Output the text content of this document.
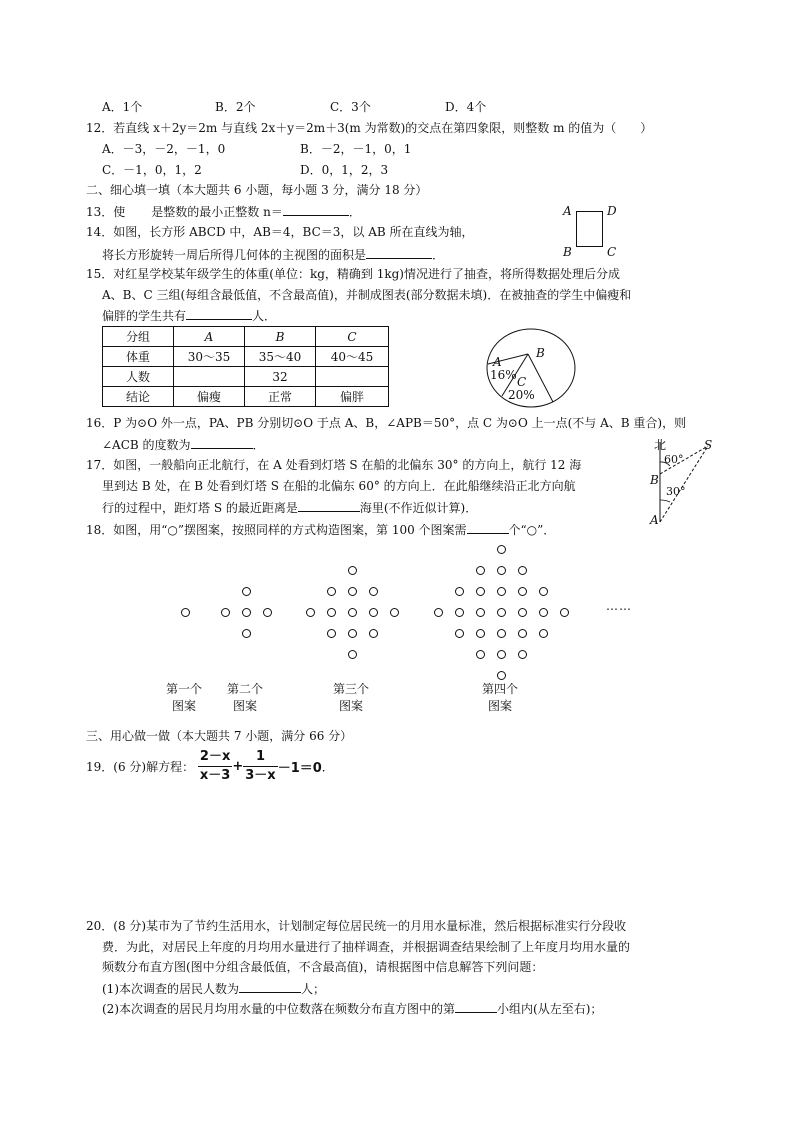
A．1个	B．2个	C．3个	D．4个
12．若直线 x＋2y＝2m 与直线 2x＋y＝2m＋3(m 为常数)的交点在第四象限，则整数 m 的值为（　　）
A．－3，－2，－1，0	B．－2，－1，0，1
C．－1，0，1，2	D．0，1，2，3
二、细心填一填（本大题共 6 小题，每小题 3 分，满分 18 分）
13．使 是整数的最小正整数 n＝	．	A	D
B	C
14．如图，长方形 ABCD 中，AB＝4，BC＝3，以 AB 所在直线为轴，
将长方形旋转一周后所得几何体的主视图的面积是	．
15．对红星学校某年级学生的体重(单位：kg，精确到 1kg)情况进行了抽查，将所得数据处理后分成
A、B、C 三组(每组含最低值，不含最高值)，并制成图表(部分数据未填)．在被抽查的学生中偏瘦和
偏胖的学生共有	人．
分组	A	B	C
体重	30～35	35～40	40～45
人数		32	
结论	偏瘦	正常	偏胖
B
A
16% C
20%
16．P 为⊙O 外一点，PA、PB 分别切⊙O 于点 A、B，∠APB＝50°，点 C 为⊙O 上一点(不与 A、B 重合)，则
∠ACB 的度数为	．
17．如图，一般船向正北航行，在 A 处看到灯塔 S 在船的北偏东 30° 的方向上，航行 12 海
里到达 B 处，在 B 处看到灯塔 S 在船的北偏东 60° 的方向上．在此船继续沿正北方向航
行的过程中，距灯塔 S 的最近距离是	海里(不作近似计算)．
北	S
60°
B
30°
A
18．如图，用“○”摆图案，按照同样的方式构造图案，第 100 个图案需	个“○”．
……
第一个
图案
第二个
图案
第三个
图案
第四个
图案
三、用心做一做（本大题共 7 小题，满分 66 分）
19．(6 分)解方程： $\frac{2-x}{x-3} + \frac{1}{3-x} -1=0$．
20．(8 分)某市为了节约生活用水，计划制定每位居民统一的月用水量标准，然后根据标准实行分段收
费．为此，对居民上年度的月均用水量进行了抽样调查，并根据调查结果绘制了上年度月均用水量的
频数分布直方图(图中分组含最低值，不含最高值)，请根据图中信息解答下列问题：
(1)本次调查的居民人数为	人；
(2)本次调查的居民月均用水量的中位数落在频数分布直方图中的第	小组内(从左至右)；
